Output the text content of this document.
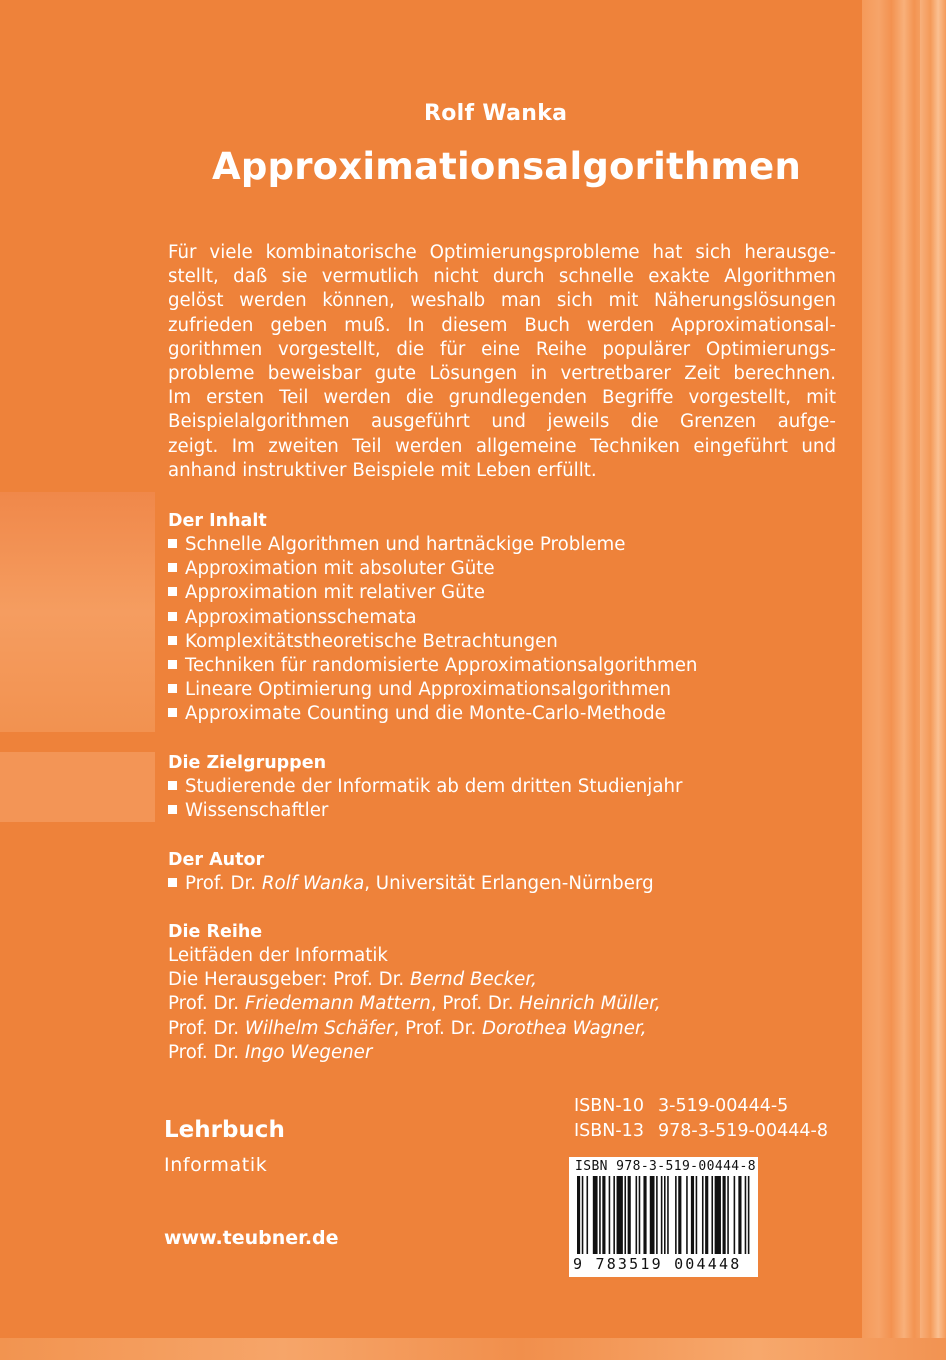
Rolf Wanka
Approximationsalgorithmen
Für viele kombinatorische Optimierungsprobleme hat sich herausge-
stellt, daß sie vermutlich nicht durch schnelle exakte Algorithmen
gelöst werden können, weshalb man sich mit Näherungslösungen
zufrieden geben muß. In diesem Buch werden Approximationsal-
gorithmen vorgestellt, die für eine Reihe populärer Optimierungs-
probleme beweisbar gute Lösungen in vertretbarer Zeit berechnen.
Im ersten Teil werden die grundlegenden Begriffe vorgestellt, mit
Beispielalgorithmen ausgeführt und jeweils die Grenzen aufge-
zeigt. Im zweiten Teil werden allgemeine Techniken eingeführt und
anhand instruktiver Beispiele mit Leben erfüllt.
Der Inhalt
Schnelle Algorithmen und hartnäckige Probleme
Approximation mit absoluter Güte
Approximation mit relativer Güte
Approximationsschemata
Komplexitätstheoretische Betrachtungen
Techniken für randomisierte Approximationsalgorithmen
Lineare Optimierung und Approximationsalgorithmen
Approximate Counting und die Monte-Carlo-Methode
Die Zielgruppen
Studierende der Informatik ab dem dritten Studienjahr
Wissenschaftler
Der Autor
Prof. Dr. Rolf Wanka, Universität Erlangen-Nürnberg
Die Reihe
Leitfäden der Informatik
Die Herausgeber: Prof. Dr. Bernd Becker,
Prof. Dr. Friedemann Mattern, Prof. Dr. Heinrich Müller,
Prof. Dr. Wilhelm Schäfer, Prof. Dr. Dorothea Wagner,
Prof. Dr. Ingo Wegener
Lehrbuch
Informatik
www.teubner.de
ISBN-10 3-519-00444-5
ISBN-13 978-3-519-00444-8
ISBN 978-3-519-00444-8
9 783519 004448
